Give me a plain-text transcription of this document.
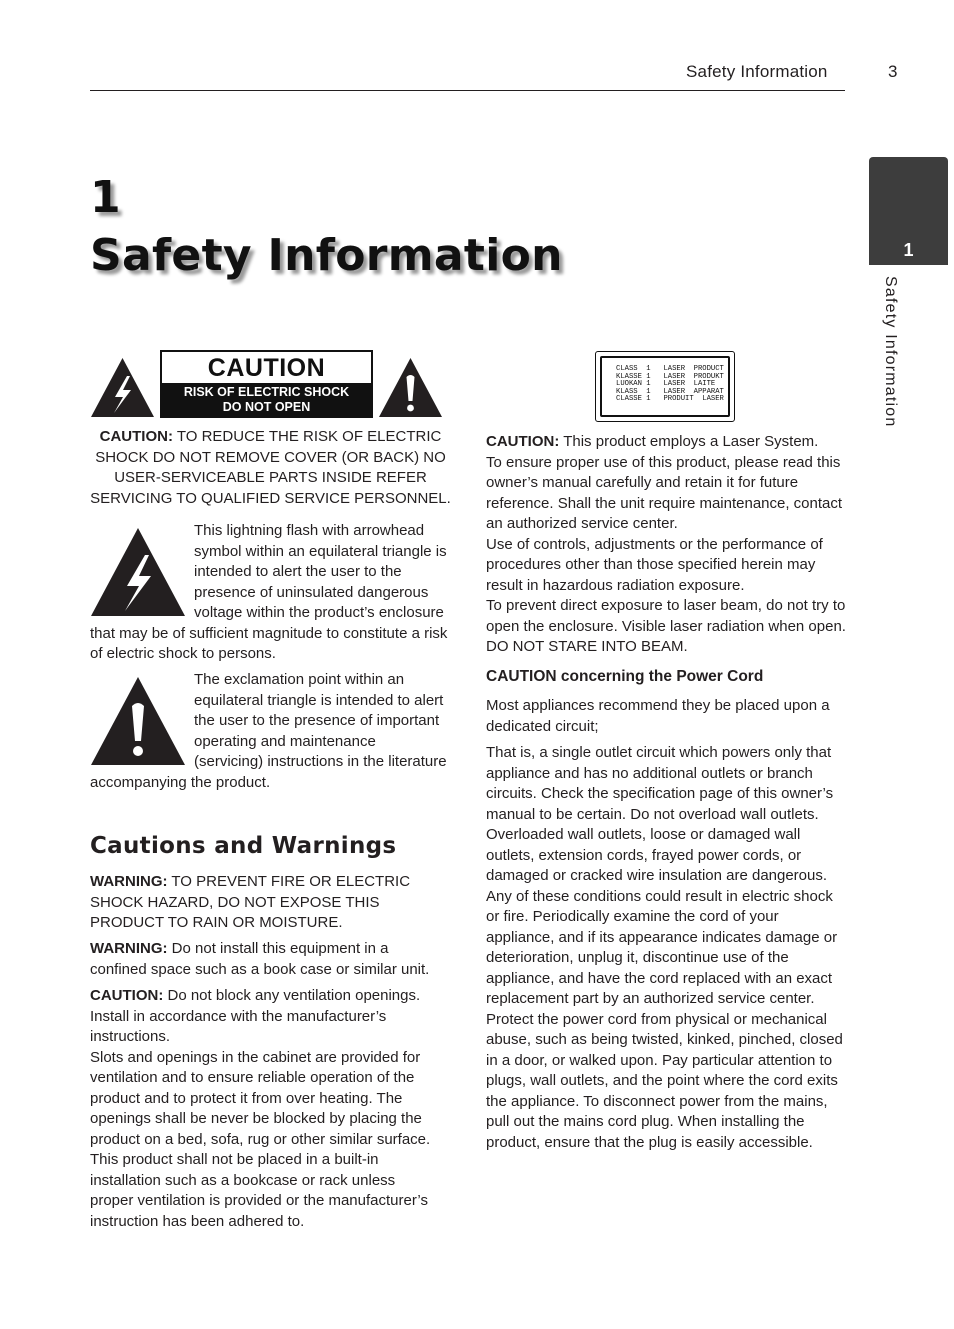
Safety Information	3
1
Safety Information
1
Safety Information
CAUTION
RISK OF ELECTRIC SHOCK
DO NOT OPEN
CAUTION: TO REDUCE THE RISK OF ELECTRIC SHOCK DO NOT REMOVE COVER (OR BACK) NO USER-SERVICEABLE PARTS INSIDE REFER SERVICING TO QUALIFIED SERVICE PERSONNEL.

This lightning flash with arrowhead symbol within an equilateral triangle is intended to alert the user to the presence of uninsulated dangerous voltage within the product’s enclosure that may be of sufficient magnitude to constitute a risk of electric shock to persons.

The exclamation point within an equilateral triangle is intended to alert the user to the presence of important operating and maintenance (servicing) instructions in the literature accompanying the product.

Cautions and Warnings
WARNING: TO PREVENT FIRE OR ELECTRIC SHOCK HAZARD, DO NOT EXPOSE THIS PRODUCT TO RAIN OR MOISTURE.
WARNING: Do not install this equipment in a confined space such as a book case or similar unit.

CAUTION: Do not block any ventilation openings. Install in accordance with the manufacturer’s instructions.

Slots and openings in the cabinet are provided for ventilation and to ensure reliable operation of the product and to protect it from over heating. The openings shall be never be blocked by placing the product on a bed, sofa, rug or other similar surface. This product shall not be placed in a built-in installation such as a bookcase or rack unless proper ventilation is provided or the manufacturer’s instruction has been adhered to.

CLASS  1   LASER  PRODUCT
KLASSE 1   LASER  PRODUKT
LUOKAN 1   LASER  LAITE
KLASS  1   LASER  APPARAT
CLASSE 1   PRODUIT  LASER

CAUTION: This product employs a Laser System.

To ensure proper use of this product, please read this owner’s manual carefully and retain it for future reference. Shall the unit require maintenance, contact an authorized service center.

Use of controls, adjustments or the performance of procedures other than those specified herein may result in hazardous radiation exposure.

To prevent direct exposure to laser beam, do not try to open the enclosure. Visible laser radiation when open. DO NOT STARE INTO BEAM.

CAUTION concerning the Power Cord
Most appliances recommend they be placed upon a dedicated circuit;
That is, a single outlet circuit which powers only that appliance and has no additional outlets or branch circuits. Check the specification page of this owner’s manual to be certain. Do not overload wall outlets. Overloaded wall outlets, loose or damaged wall outlets, extension cords, frayed power cords, or damaged or cracked wire insulation are dangerous. Any of these conditions could result in electric shock or fire. Periodically examine the cord of your appliance, and if its appearance indicates damage or deterioration, unplug it, discontinue use of the appliance, and have the cord replaced with an exact replacement part by an authorized service center. Protect the power cord from physical or mechanical abuse, such as being twisted, kinked, pinched, closed in a door, or walked upon. Pay particular attention to plugs, wall outlets, and the point where the cord exits the appliance. To disconnect power from the mains, pull out the mains cord plug. When installing the product, ensure that the plug is easily accessible.
